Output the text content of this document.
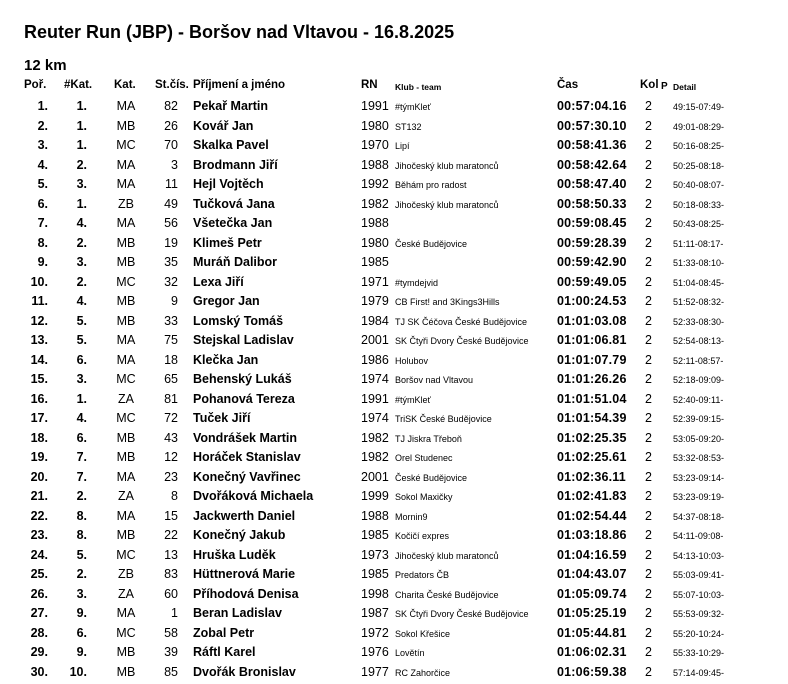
Reuter Run (JBP) - Boršov nad Vltavou - 16.8.2025
12 km
Poř. #Kat. Kat. St.čís. Příjmení a jméno	RN Klub - team	Čas	Kol P Detail
1.	1. MA	82 Pekař Martin	1991 #týmKleť	00:57:04.16 2 49:15-07:49-
2.	1. MB	26 Kovář Jan	1980 ST132	00:57:30.10 2 49:01-08:29-
3.	1. MC	70 Skalka Pavel	1970 Lipí	00:58:41.36 2 50:16-08:25-
4.	2. MA	3 Brodmann Jiří	1988 Jihočeský klub maratonců	00:58:42.64 2 50:25-08:18-
5.	3. MA	11 Hejl Vojtěch	1992 Běhám pro radost	00:58:47.40 2 50:40-08:07-
6.	1.	ZB	49 Tučková Jana	1982 Jihočeský klub maratonců	00:58:50.33 2 50:18-08:33-
7.	4. MA	56 Všetečka Jan	1988	00:59:08.45 2 50:43-08:25-
8.	2. MB	19 Klimeš Petr	1980 České Budějovice	00:59:28.39 2 51:11-08:17-
9.	3. MB	35 Muráň Dalibor	1985	00:59:42.90 2 51:33-08:10-
10.	2. MC	32 Lexa Jiří	1971 #tymdejvid	00:59:49.05 2 51:04-08:45-
11.	4. MB	9 Gregor Jan	1979 CB First! and 3Kings3Hills	01:00:24.53 2 51:52-08:32-
12.	5. MB	33 Lomský Tomáš	1984 TJ SK Čéčova České Budějovice 01:01:03.08 2 52:33-08:30-
13.	5. MA	75 Stejskal Ladislav	2001 SK Čtyři Dvory České Budějovice 01:01:06.81 2 52:54-08:13-
14.	6. MA	18 Klečka Jan	1986 Holubov	01:01:07.79 2 52:11-08:57-
15.	3. MC	65 Behenský Lukáš	1974 Boršov nad Vltavou	01:01:26.26 2 52:18-09:09-
16.	1.	ZA	81 Pohanová Tereza	1991 #týmKleť	01:01:51.04 2 52:40-09:11-
17.	4. MC	72 Tuček Jiří	1974 TriSK České Budějovice	01:01:54.39 2 52:39-09:15-
18.	6. MB	43 Vondrášek Martin	1982 TJ Jiskra Třeboň	01:02:25.35 2 53:05-09:20-
19.	7. MB	12 Horáček Stanislav	1982 Orel Studenec	01:02:25.61 2 53:32-08:53-
20.	7. MA	23 Konečný Vavřinec	2001 České Budějovice	01:02:36.11 2 53:23-09:14-
21.	2.	ZA	8 Dvořáková Michaela	1999 Sokol Maxičky	01:02:41.83 2 53:23-09:19-
22.	8. MA	15 Jackwerth Daniel	1988 Mornin9	01:02:54.44 2 54:37-08:18-
23.	8. MB	22 Konečný Jakub	1985 Kočičí expres	01:03:18.86 2 54:11-09:08-
24.	5. MC	13 Hruška Luděk	1973 Jihočeský klub maratonců	01:04:16.59 2 54:13-10:03-
25.	2.	ZB	83 Hüttnerová Marie	1985 Predators ČB	01:04:43.07 2 55:03-09:41-
26.	3.	ZA	60 Příhodová Denisa	1998 Charita České Budějovice	01:05:09.74 2 55:07-10:03-
27.	9. MA	1 Beran Ladislav	1987 SK Čtyři Dvory České Budějovice 01:05:25.19 2 55:53-09:32-
28.	6. MC	58 Zobal Petr	1972 Sokol Křešice	01:05:44.81 2 55:20-10:24-
29.	9. MB	39 Ráftl Karel	1976 Lovětín	01:06:02.31 2 55:33-10:29-
30.	10. MB	85 Dvořák Bronislav	1977 RC Zahorčice	01:06:59.38 2 57:14-09:45-
